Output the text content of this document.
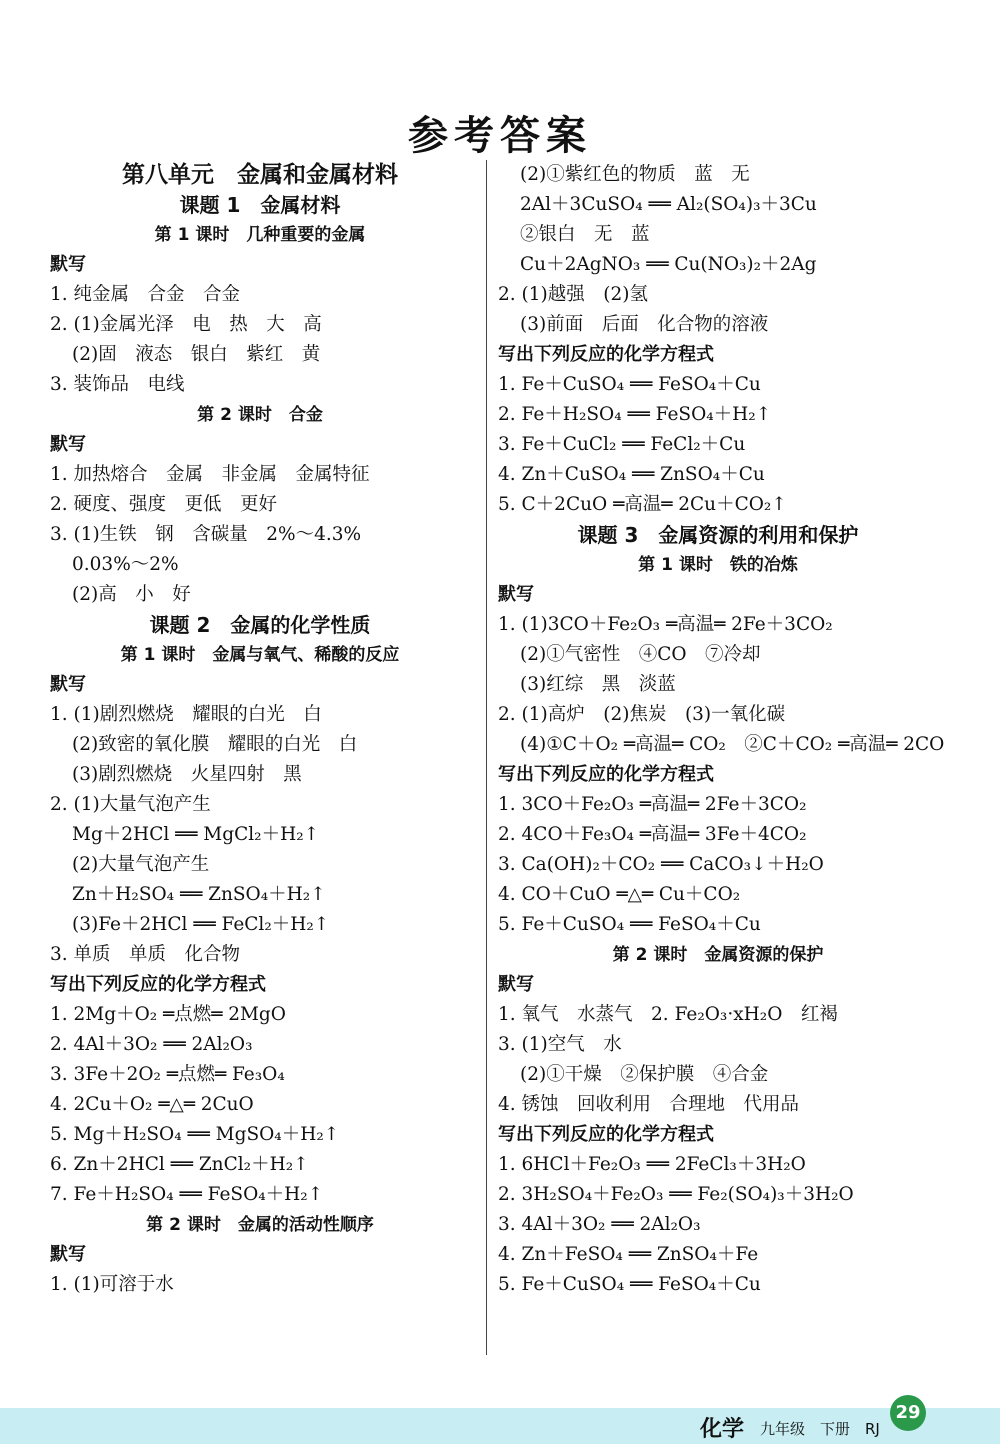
参考答案
第八单元　金属和金属材料
课题 1　金属材料
第 1 课时　几种重要的金属
默写
1. 纯金属　合金　合金
2. (1)金属光泽　电　热　大　高
(2)固　液态　银白　紫红　黄
3. 装饰品　电线
第 2 课时　合金
默写
1. 加热熔合　金属　非金属　金属特征
2. 硬度、强度　更低　更好
3. (1)生铁　钢　含碳量　2%～4.3%
0.03%～2%
(2)高　小　好
课题 2　金属的化学性质
第 1 课时　金属与氧气、稀酸的反应
默写
1. (1)剧烈燃烧　耀眼的白光　白
(2)致密的氧化膜　耀眼的白光　白
(3)剧烈燃烧　火星四射　黑
2. (1)大量气泡产生
Mg＋2HCl ══ MgCl₂＋H₂↑
(2)大量气泡产生
Zn＋H₂SO₄ ══ ZnSO₄＋H₂↑
(3)Fe＋2HCl ══ FeCl₂＋H₂↑
3. 单质　单质　化合物
写出下列反应的化学方程式
1. 2Mg＋O₂ ═点燃═ 2MgO
2. 4Al＋3O₂ ══ 2Al₂O₃
3. 3Fe＋2O₂ ═点燃═ Fe₃O₄
4. 2Cu＋O₂ ═△═ 2CuO
5. Mg＋H₂SO₄ ══ MgSO₄＋H₂↑
6. Zn＋2HCl ══ ZnCl₂＋H₂↑
7. Fe＋H₂SO₄ ══ FeSO₄＋H₂↑
第 2 课时　金属的活动性顺序
默写
1. (1)可溶于水
(2)①紫红色的物质　蓝　无
2Al＋3CuSO₄ ══ Al₂(SO₄)₃＋3Cu
②银白　无　蓝
Cu＋2AgNO₃ ══ Cu(NO₃)₂＋2Ag
2. (1)越强　(2)氢
(3)前面　后面　化合物的溶液
写出下列反应的化学方程式
1. Fe＋CuSO₄ ══ FeSO₄＋Cu
2. Fe＋H₂SO₄ ══ FeSO₄＋H₂↑
3. Fe＋CuCl₂ ══ FeCl₂＋Cu
4. Zn＋CuSO₄ ══ ZnSO₄＋Cu
5. C＋2CuO ═高温═ 2Cu＋CO₂↑
课题 3　金属资源的利用和保护
第 1 课时　铁的冶炼
默写
1. (1)3CO＋Fe₂O₃ ═高温═ 2Fe＋3CO₂
(2)①气密性　④CO　⑦冷却
(3)红综　黑　淡蓝
2. (1)高炉　(2)焦炭　(3)一氧化碳
(4)①C＋O₂ ═高温═ CO₂　②C＋CO₂ ═高温═ 2CO
写出下列反应的化学方程式
1. 3CO＋Fe₂O₃ ═高温═ 2Fe＋3CO₂
2. 4CO＋Fe₃O₄ ═高温═ 3Fe＋4CO₂
3. Ca(OH)₂＋CO₂ ══ CaCO₃↓＋H₂O
4. CO＋CuO ═△═ Cu＋CO₂
5. Fe＋CuSO₄ ══ FeSO₄＋Cu
第 2 课时　金属资源的保护
默写
1. 氧气　水蒸气　2. Fe₂O₃·xH₂O　红褐
3. (1)空气　水
(2)①干燥　②保护膜　④合金
4. 锈蚀　回收利用　合理地　代用品
写出下列反应的化学方程式
1. 6HCl＋Fe₂O₃ ══ 2FeCl₃＋3H₂O
2. 3H₂SO₄＋Fe₂O₃ ══ Fe₂(SO₄)₃＋3H₂O
3. 4Al＋3O₂ ══ 2Al₂O₃
4. Zn＋FeSO₄ ══ ZnSO₄＋Fe
5. Fe＋CuSO₄ ══ FeSO₄＋Cu
化学 九年级　下册　RJ
29
